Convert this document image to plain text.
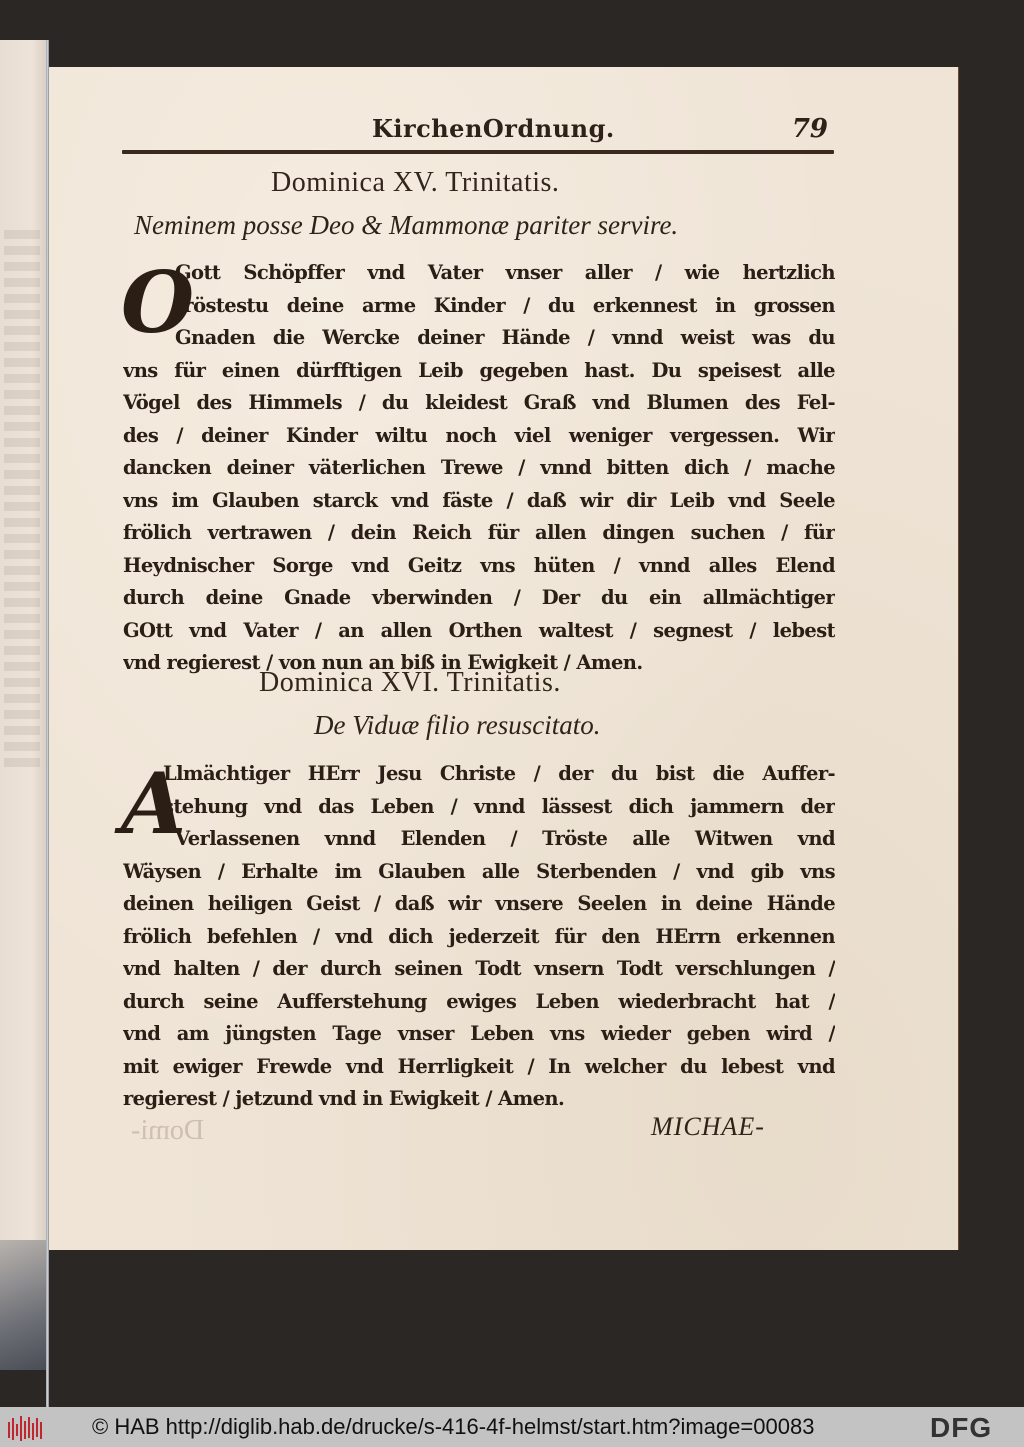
KirchenOrdnung.	79
Dominica XV. Trinitatis.
Neminem posse Deo & Mammonæ pariter servire.
O
Gott Schöpffer vnd Vater vnser aller / wie hertzlich
tröstestu deine arme Kinder / du erkennest in grossen
Gnaden die Wercke deiner Hände / vnnd weist was du
vns für einen dürfftigen Leib gegeben hast. Du speisest alle
Vögel des Himmels / du kleidest Graß vnd Blumen des Fel-
des / deiner Kinder wiltu noch viel weniger vergessen. Wir
dancken deiner väterlichen Trewe / vnnd bitten dich / mache
vns im Glauben starck vnd fäste / daß wir dir Leib vnd Seele
frölich vertrawen / dein Reich für allen dingen suchen / für
Heydnischer Sorge vnd Geitz vns hüten / vnnd alles Elend
durch deine Gnade vberwinden / Der du ein allmächtiger
GOtt vnd Vater / an allen Orthen waltest / segnest / lebest
vnd regierest / von nun an biß in Ewigkeit / Amen.
Dominica XVI. Trinitatis.
De Viduæ filio resuscitato.
A
Llmächtiger HErr Jesu Christe / der du bist die Auffer-
stehung vnd das Leben / vnnd lässest dich jammern der
Verlassenen vnnd Elenden / Tröste alle Witwen vnd
Wäysen / Erhalte im Glauben alle Sterbenden / vnd gib vns
deinen heiligen Geist / daß wir vnsere Seelen in deine Hände
frölich befehlen / vnd dich jederzeit für den HErrn erkennen
vnd halten / der durch seinen Todt vnsern Todt verschlungen /
durch seine Aufferstehung ewiges Leben wiederbracht hat /
vnd am jüngsten Tage vnser Leben vns wieder geben wird /
mit ewiger Frewde vnd Herrligkeit / In welcher du lebest vnd
regierest / jetzund vnd in Ewigkeit / Amen.
MICHAE-
Domi-
© HAB http://diglib.hab.de/drucke/s-416-4f-helmst/start.htm?image=00083	DFG
